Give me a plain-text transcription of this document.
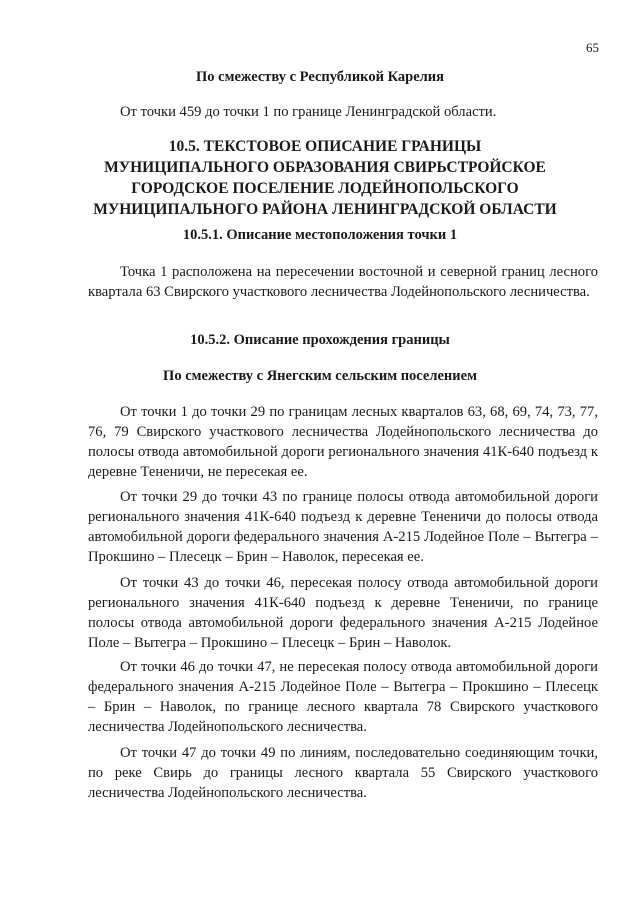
65

По смежеству с Республикой Карелия

От точки 459 до точки 1 по границе Ленинградской области.

10.5. ТЕКСТОВОЕ ОПИСАНИЕ ГРАНИЦЫ МУНИЦИПАЛЬНОГО ОБРАЗОВАНИЯ СВИРЬСТРОЙСКОЕ ГОРОДСКОЕ ПОСЕЛЕНИЕ ЛОДЕЙНОПОЛЬСКОГО МУНИЦИПАЛЬНОГО РАЙОНА ЛЕНИНГРАДСКОЙ ОБЛАСТИ

10.5.1. Описание местоположения точки 1

Точка 1 расположена на пересечении восточной и северной границ лесного квартала 63 Свирского участкового лесничества Лодейнопольского лесничества.

10.5.2. Описание прохождения границы

По смежеству с Янегским сельским поселением

От точки 1 до точки 29 по границам лесных кварталов 63, 68, 69, 74, 73, 77, 76, 79 Свирского участкового лесничества Лодейнопольского лесничества до полосы отвода автомобильной дороги регионального значения 41К-640 подъезд к деревне Тененичи, не пересекая ее.

От точки 29 до точки 43 по границе полосы отвода автомобильной дороги регионального значения 41К-640 подъезд к деревне Тененичи до полосы отвода автомобильной дороги федерального значения А-215 Лодейное Поле – Вытегра – Прокшино – Плесецк – Брин – Наволок, пересекая ее.

От точки 43 до точки 46, пересекая полосу отвода автомобильной дороги регионального значения 41К-640 подъезд к деревне Тененичи, по границе полосы отвода автомобильной дороги федерального значения А-215 Лодейное Поле – Вытегра – Прокшино – Плесецк – Брин – Наволок.

От точки 46 до точки 47, не пересекая полосу отвода автомобильной дороги федерального значения А-215 Лодейное Поле – Вытегра – Прокшино – Плесецк – Брин – Наволок, по границе лесного квартала 78 Свирского участкового лесничества Лодейнопольского лесничества.

От точки 47 до точки 49 по линиям, последовательно соединяющим точки, по реке Свирь до границы лесного квартала 55 Свирского участкового лесничества Лодейнопольского лесничества.
